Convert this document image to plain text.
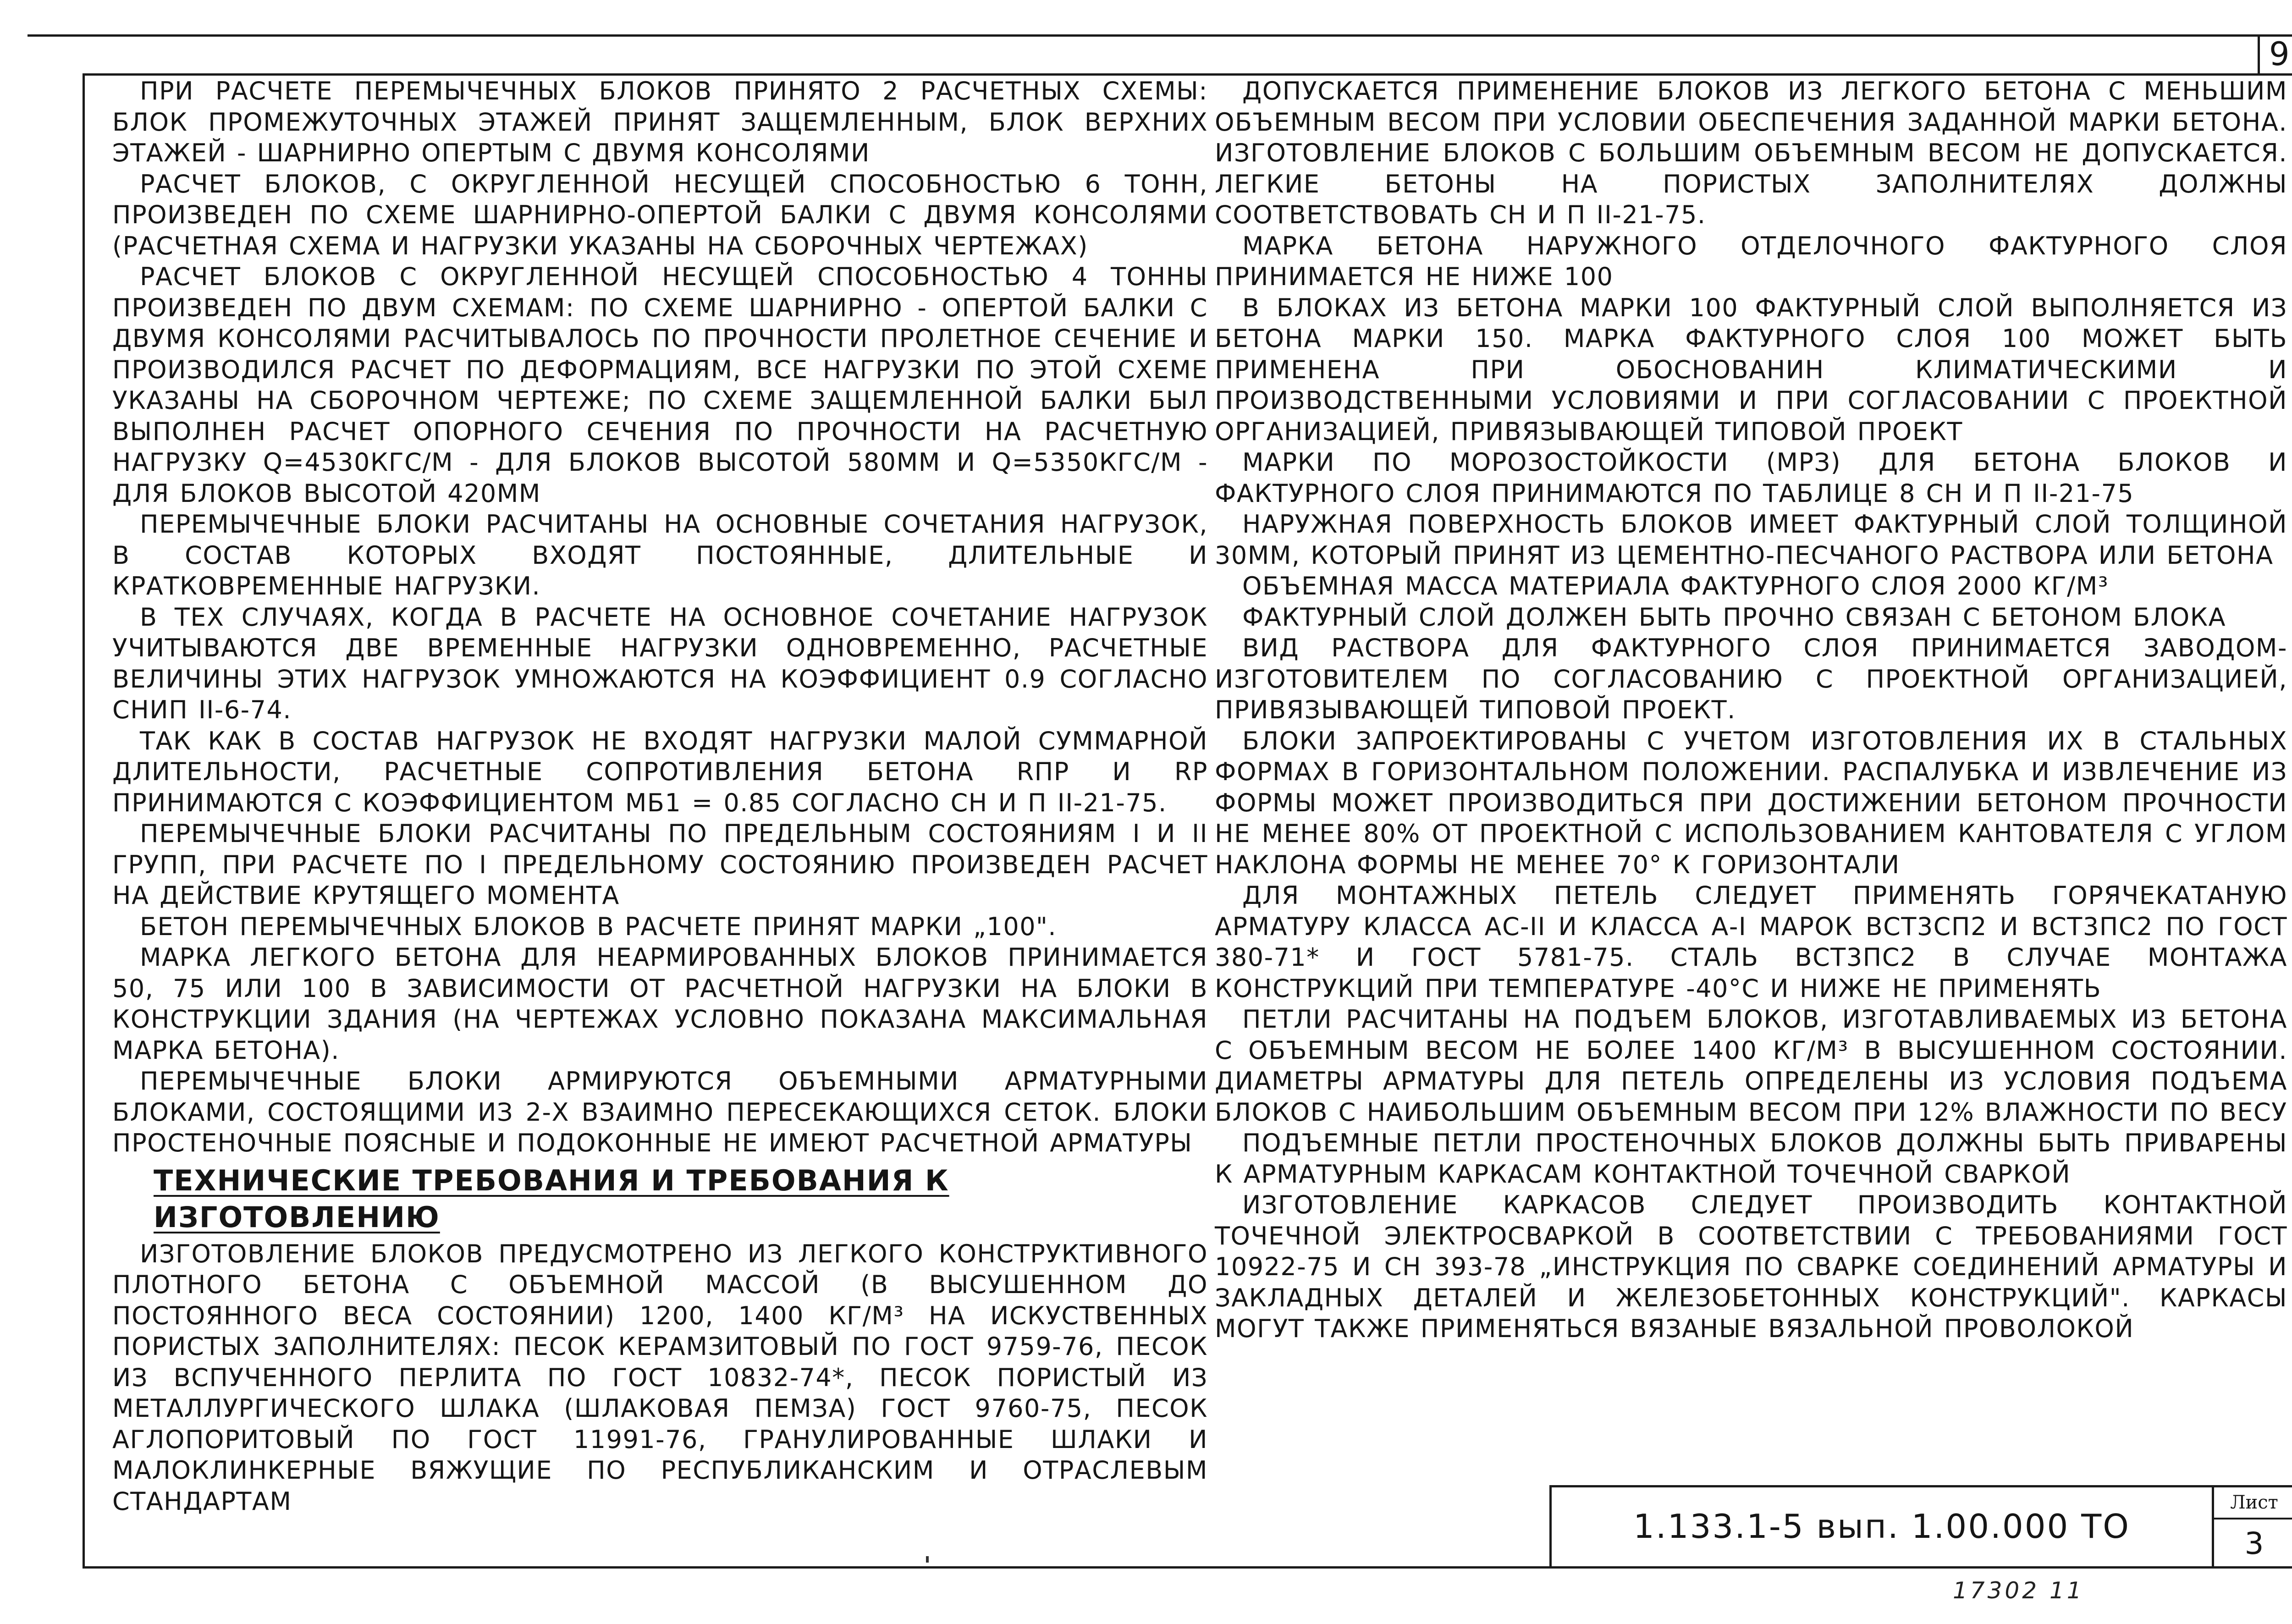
9

ПРИ РАСЧЕТЕ ПЕРЕМЫЧЕЧНЫХ БЛОКОВ ПРИНЯТО 2 РАСЧЕТНЫХ СХЕМЫ: БЛОК ПРОМЕЖУТОЧНЫХ ЭТАЖЕЙ ПРИНЯТ ЗАЩЕМЛЕННЫМ, БЛОК ВЕРХНИХ ЭТАЖЕЙ - ШАРНИРНО ОПЕРТЫМ С ДВУМЯ КОНСОЛЯМИ

РАСЧЕТ БЛОКОВ, С ОКРУГЛЕННОЙ НЕСУЩЕЙ СПОСОБНОСТЬЮ 6 ТОНН, ПРОИЗВЕДЕН ПО СХЕМЕ ШАРНИРНО-ОПЕРТОЙ БАЛКИ С ДВУМЯ КОНСОЛЯМИ (РАСЧЕТНАЯ СХЕМА И НАГРУЗКИ УКАЗАНЫ НА СБОРОЧНЫХ ЧЕРТЕЖАХ)

РАСЧЕТ БЛОКОВ С ОКРУГЛЕННОЙ НЕСУЩЕЙ СПОСОБНОСТЬЮ 4 ТОННЫ ПРОИЗВЕДЕН ПО ДВУМ СХЕМАМ: ПО СХЕМЕ ШАРНИРНО - ОПЕРТОЙ БАЛКИ С ДВУМЯ КОНСОЛЯМИ РАСЧИТЫВАЛОСЬ ПО ПРОЧНОСТИ ПРОЛЕТНОЕ СЕЧЕНИЕ И ПРОИЗВОДИЛСЯ РАСЧЕТ ПО ДЕФОРМАЦИЯМ, ВСЕ НАГРУЗКИ ПО ЭТОЙ СХЕМЕ УКАЗАНЫ НА СБОРОЧНОМ ЧЕРТЕЖЕ; ПО СХЕМЕ ЗАЩЕМЛЕННОЙ БАЛКИ БЫЛ ВЫПОЛНЕН РАСЧЕТ ОПОРНОГО СЕЧЕНИЯ ПО ПРОЧНОСТИ НА РАСЧЕТНУЮ НАГРУЗКУ Q=4530КГС/М - ДЛЯ БЛОКОВ ВЫСОТОЙ 580ММ И Q=5350КГС/М - ДЛЯ БЛОКОВ ВЫСОТОЙ 420ММ

ПЕРЕМЫЧЕЧНЫЕ БЛОКИ РАСЧИТАНЫ НА ОСНОВНЫЕ СОЧЕТАНИЯ НАГРУЗОК, В СОСТАВ КОТОРЫХ ВХОДЯТ ПОСТОЯННЫЕ, ДЛИТЕЛЬНЫЕ И КРАТКОВРЕМЕННЫЕ НАГРУЗКИ.

В ТЕХ СЛУЧАЯХ, КОГДА В РАСЧЕТЕ НА ОСНОВНОЕ СОЧЕТАНИЕ НАГРУЗОК УЧИТЫВАЮТСЯ ДВЕ ВРЕМЕННЫЕ НАГРУЗКИ ОДНОВРЕМЕННО, РАСЧЕТНЫЕ ВЕЛИЧИНЫ ЭТИХ НАГРУЗОК УМНОЖАЮТСЯ НА КОЭФФИЦИЕНТ 0.9 СОГЛАСНО СНИП II-6-74.

ТАК КАК В СОСТАВ НАГРУЗОК НЕ ВХОДЯТ НАГРУЗКИ МАЛОЙ СУММАРНОЙ ДЛИТЕЛЬНОСТИ, РАСЧЕТНЫЕ СОПРОТИВЛЕНИЯ БЕТОНА RПР И RР ПРИНИМАЮТСЯ С КОЭФФИЦИЕНТОМ MБ1 = 0.85 СОГЛАСНО СН И П II-21-75.

ПЕРЕМЫЧЕЧНЫЕ БЛОКИ РАСЧИТАНЫ ПО ПРЕДЕЛЬНЫМ СОСТОЯНИЯМ I И II ГРУПП, ПРИ РАСЧЕТЕ ПО I ПРЕДЕЛЬНОМУ СОСТОЯНИЮ ПРОИЗВЕДЕН РАСЧЕТ НА ДЕЙСТВИЕ КРУТЯЩЕГО МОМЕНТА

БЕТОН ПЕРЕМЫЧЕЧНЫХ БЛОКОВ В РАСЧЕТЕ ПРИНЯТ МАРКИ „100".

МАРКА ЛЕГКОГО БЕТОНА ДЛЯ НЕАРМИРОВАННЫХ БЛОКОВ ПРИНИМАЕТСЯ 50, 75 ИЛИ 100 В ЗАВИСИМОСТИ ОТ РАСЧЕТНОЙ НАГРУЗКИ НА БЛОКИ В КОНСТРУКЦИИ ЗДАНИЯ (НА ЧЕРТЕЖАХ УСЛОВНО ПОКАЗАНА МАКСИМАЛЬНАЯ МАРКА БЕТОНА).

ПЕРЕМЫЧЕЧНЫЕ БЛОКИ АРМИРУЮТСЯ ОБЪЕМНЫМИ АРМАТУРНЫМИ БЛОКАМИ, СОСТОЯЩИМИ ИЗ 2-Х ВЗАИМНО ПЕРЕСЕКАЮЩИХСЯ СЕТОК. БЛОКИ ПРОСТЕНОЧНЫЕ ПОЯСНЫЕ И ПОДОКОННЫЕ НЕ ИМЕЮТ РАСЧЕТНОЙ АРМАТУРЫ

ТЕХНИЧЕСКИЕ ТРЕБОВАНИЯ И ТРЕБОВАНИЯ К ИЗГОТОВЛЕНИЮ

ИЗГОТОВЛЕНИЕ БЛОКОВ ПРЕДУСМОТРЕНО ИЗ ЛЕГКОГО КОНСТРУКТИВНОГО ПЛОТНОГО БЕТОНА С ОБЪЕМНОЙ МАССОЙ (В ВЫСУШЕННОМ ДО ПОСТОЯННОГО ВЕСА СОСТОЯНИИ) 1200, 1400 КГ/М³ НА ИСКУСТВЕННЫХ ПОРИСТЫХ ЗАПОЛНИТЕЛЯХ: ПЕСОК КЕРАМЗИТОВЫЙ ПО ГОСТ 9759-76, ПЕСОК ИЗ ВСПУЧЕННОГО ПЕРЛИТА ПО ГОСТ 10832-74*, ПЕСОК ПОРИСТЫЙ ИЗ МЕТАЛЛУРГИЧЕСКОГО ШЛАКА (ШЛАКОВАЯ ПЕМЗА) ГОСТ 9760-75, ПЕСОК АГЛОПОРИТОВЫЙ ПО ГОСТ 11991-76, ГРАНУЛИРОВАННЫЕ ШЛАКИ И МАЛОКЛИНКЕРНЫЕ ВЯЖУЩИЕ ПО РЕСПУБЛИКАНСКИМ И ОТРАСЛЕВЫМ СТАНДАРТАМ

ДОПУСКАЕТСЯ ПРИМЕНЕНИЕ БЛОКОВ ИЗ ЛЕГКОГО БЕТОНА С МЕНЬШИМ ОБЪЕМНЫМ ВЕСОМ ПРИ УСЛОВИИ ОБЕСПЕЧЕНИЯ ЗАДАННОЙ МАРКИ БЕТОНА. ИЗГОТОВЛЕНИЕ БЛОКОВ С БОЛЬШИМ ОБЪЕМНЫМ ВЕСОМ НЕ ДОПУСКАЕТСЯ. ЛЕГКИЕ БЕТОНЫ НА ПОРИСТЫХ ЗАПОЛНИТЕЛЯХ ДОЛЖНЫ СООТВЕТСТВОВАТЬ СН И П II-21-75.

МАРКА БЕТОНА НАРУЖНОГО ОТДЕЛОЧНОГО ФАКТУРНОГО СЛОЯ ПРИНИМАЕТСЯ НЕ НИЖЕ 100

В БЛОКАХ ИЗ БЕТОНА МАРКИ 100 ФАКТУРНЫЙ СЛОЙ ВЫПОЛНЯЕТСЯ ИЗ БЕТОНА МАРКИ 150. МАРКА ФАКТУРНОГО СЛОЯ 100 МОЖЕТ БЫТЬ ПРИМЕНЕНА ПРИ ОБОСНОВАНИН КЛИМАТИЧЕСКИМИ И ПРОИЗВОДСТВЕННЫМИ УСЛОВИЯМИ И ПРИ СОГЛАСОВАНИИ С ПРОЕКТНОЙ ОРГАНИЗАЦИЕЙ, ПРИВЯЗЫВАЮЩЕЙ ТИПОВОЙ ПРОЕКТ

МАРКИ ПО МОРОЗОСТОЙКОСТИ (МРЗ) ДЛЯ БЕТОНА БЛОКОВ И ФАКТУРНОГО СЛОЯ ПРИНИМАЮТСЯ ПО ТАБЛИЦЕ 8 СН И П II-21-75

НАРУЖНАЯ ПОВЕРХНОСТЬ БЛОКОВ ИМЕЕТ ФАКТУРНЫЙ СЛОЙ ТОЛЩИНОЙ 30ММ, КОТОРЫЙ ПРИНЯТ ИЗ ЦЕМЕНТНО-ПЕСЧАНОГО РАСТВОРА ИЛИ БЕТОНА

ОБЪЕМНАЯ МАССА МАТЕРИАЛА ФАКТУРНОГО СЛОЯ 2000 КГ/М³

ФАКТУРНЫЙ СЛОЙ ДОЛЖЕН БЫТЬ ПРОЧНО СВЯЗАН С БЕТОНОМ БЛОКА

ВИД РАСТВОРА ДЛЯ ФАКТУРНОГО СЛОЯ ПРИНИМАЕТСЯ ЗАВОДОМ-ИЗГОТОВИТЕЛЕМ ПО СОГЛАСОВАНИЮ С ПРОЕКТНОЙ ОРГАНИЗАЦИЕЙ, ПРИВЯЗЫВАЮЩЕЙ ТИПОВОЙ ПРОЕКТ.

БЛОКИ ЗАПРОЕКТИРОВАНЫ С УЧЕТОМ ИЗГОТОВЛЕНИЯ ИХ В СТАЛЬНЫХ ФОРМАХ В ГОРИЗОНТАЛЬНОМ ПОЛОЖЕНИИ. РАСПАЛУБКА И ИЗВЛЕЧЕНИЕ ИЗ ФОРМЫ МОЖЕТ ПРОИЗВОДИТЬСЯ ПРИ ДОСТИЖЕНИИ БЕТОНОМ ПРОЧНОСТИ НЕ МЕНЕЕ 80% ОТ ПРОЕКТНОЙ С ИСПОЛЬЗОВАНИЕМ КАНТОВАТЕЛЯ С УГЛОМ НАКЛОНА ФОРМЫ НЕ МЕНЕЕ 70° К ГОРИЗОНТАЛИ

ДЛЯ МОНТАЖНЫХ ПЕТЕЛЬ СЛЕДУЕТ ПРИМЕНЯТЬ ГОРЯЧЕКАТАНУЮ АРМАТУРУ КЛАССА АС-II И КЛАССА А-I МАРОК ВСТ3СП2 И ВСТ3ПС2 ПО ГОСТ 380-71* И ГОСТ 5781-75. СТАЛЬ ВСТ3ПС2 В СЛУЧАЕ МОНТАЖА КОНСТРУКЦИЙ ПРИ ТЕМПЕРАТУРЕ -40°С И НИЖЕ НЕ ПРИМЕНЯТЬ

ПЕТЛИ РАСЧИТАНЫ НА ПОДЪЕМ БЛОКОВ, ИЗГОТАВЛИВАЕМЫХ ИЗ БЕТОНА С ОБЪЕМНЫМ ВЕСОМ НЕ БОЛЕЕ 1400 КГ/М³ В ВЫСУШЕННОМ СОСТОЯНИИ. ДИАМЕТРЫ АРМАТУРЫ ДЛЯ ПЕТЕЛЬ ОПРЕДЕЛЕНЫ ИЗ УСЛОВИЯ ПОДЪЕМА БЛОКОВ С НАИБОЛЬШИМ ОБЪЕМНЫМ ВЕСОМ ПРИ 12% ВЛАЖНОСТИ ПО ВЕСУ

ПОДЪЕМНЫЕ ПЕТЛИ ПРОСТЕНОЧНЫХ БЛОКОВ ДОЛЖНЫ БЫТЬ ПРИВАРЕНЫ К АРМАТУРНЫМ КАРКАСАМ КОНТАКТНОЙ ТОЧЕЧНОЙ СВАРКОЙ

ИЗГОТОВЛЕНИЕ КАРКАСОВ СЛЕДУЕТ ПРОИЗВОДИТЬ КОНТАКТНОЙ ТОЧЕЧНОЙ ЭЛЕКТРОСВАРКОЙ В СООТВЕТСТВИИ С ТРЕБОВАНИЯМИ ГОСТ 10922-75 И СН 393-78 „ИНСТРУКЦИЯ ПО СВАРКЕ СОЕДИНЕНИЙ АРМАТУРЫ И ЗАКЛАДНЫХ ДЕТАЛЕЙ И ЖЕЛЕЗОБЕТОННЫХ КОНСТРУКЦИЙ". КАРКАСЫ МОГУТ ТАКЖЕ ПРИМЕНЯТЬСЯ ВЯЗАНЫЕ ВЯЗАЛЬНОЙ ПРОВОЛОКОЙ

1.133.1-5 вып. 1.00.000 ТО
Лист
3
17302 11
